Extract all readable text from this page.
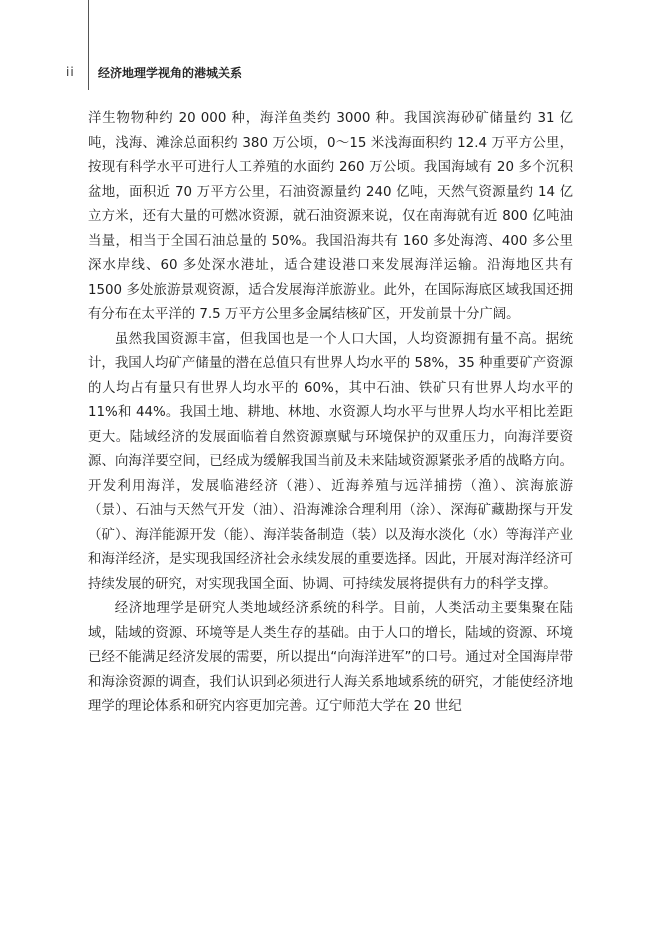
ii 经济地理学视角的港城关系

洋生物物种约 20 000 种，海洋鱼类约 3000 种。我国滨海砂矿储量约 31 亿吨，浅海、滩涂总面积约 380 万公顷，0～15 米浅海面积约 12.4 万平方公里，按现有科学水平可进行人工养殖的水面约 260 万公顷。我国海域有 20 多个沉积盆地，面积近 70 万平方公里，石油资源量约 240 亿吨，天然气资源量约 14 亿立方米，还有大量的可燃冰资源，就石油资源来说，仅在南海就有近 800 亿吨油当量，相当于全国石油总量的 50%。我国沿海共有 160 多处海湾、400 多公里深水岸线、60 多处深水港址，适合建设港口来发展海洋运输。沿海地区共有 1500 多处旅游景观资源，适合发展海洋旅游业。此外，在国际海底区域我国还拥有分布在太平洋的 7.5 万平方公里多金属结核矿区，开发前景十分广阔。

虽然我国资源丰富，但我国也是一个人口大国，人均资源拥有量不高。据统计，我国人均矿产储量的潜在总值只有世界人均水平的 58%，35 种重要矿产资源的人均占有量只有世界人均水平的 60%，其中石油、铁矿只有世界人均水平的 11%和 44%。我国土地、耕地、林地、水资源人均水平与世界人均水平相比差距更大。陆域经济的发展面临着自然资源禀赋与环境保护的双重压力，向海洋要资源、向海洋要空间，已经成为缓解我国当前及未来陆域资源紧张矛盾的战略方向。开发利用海洋，发展临港经济（港）、近海养殖与远洋捕捞（渔）、滨海旅游（景）、石油与天然气开发（油）、沿海滩涂合理利用（涂）、深海矿藏勘探与开发（矿）、海洋能源开发（能）、海洋装备制造（装）以及海水淡化（水）等海洋产业和海洋经济，是实现我国经济社会永续发展的重要选择。因此，开展对海洋经济可持续发展的研究，对实现我国全面、协调、可持续发展将提供有力的科学支撑。

经济地理学是研究人类地域经济系统的科学。目前，人类活动主要集聚在陆域，陆域的资源、环境等是人类生存的基础。由于人口的增长，陆域的资源、环境已经不能满足经济发展的需要，所以提出“向海洋进军”的口号。通过对全国海岸带和海涂资源的调查，我们认识到必须进行人海关系地域系统的研究，才能使经济地理学的理论体系和研究内容更加完善。辽宁师范大学在 20 世纪
